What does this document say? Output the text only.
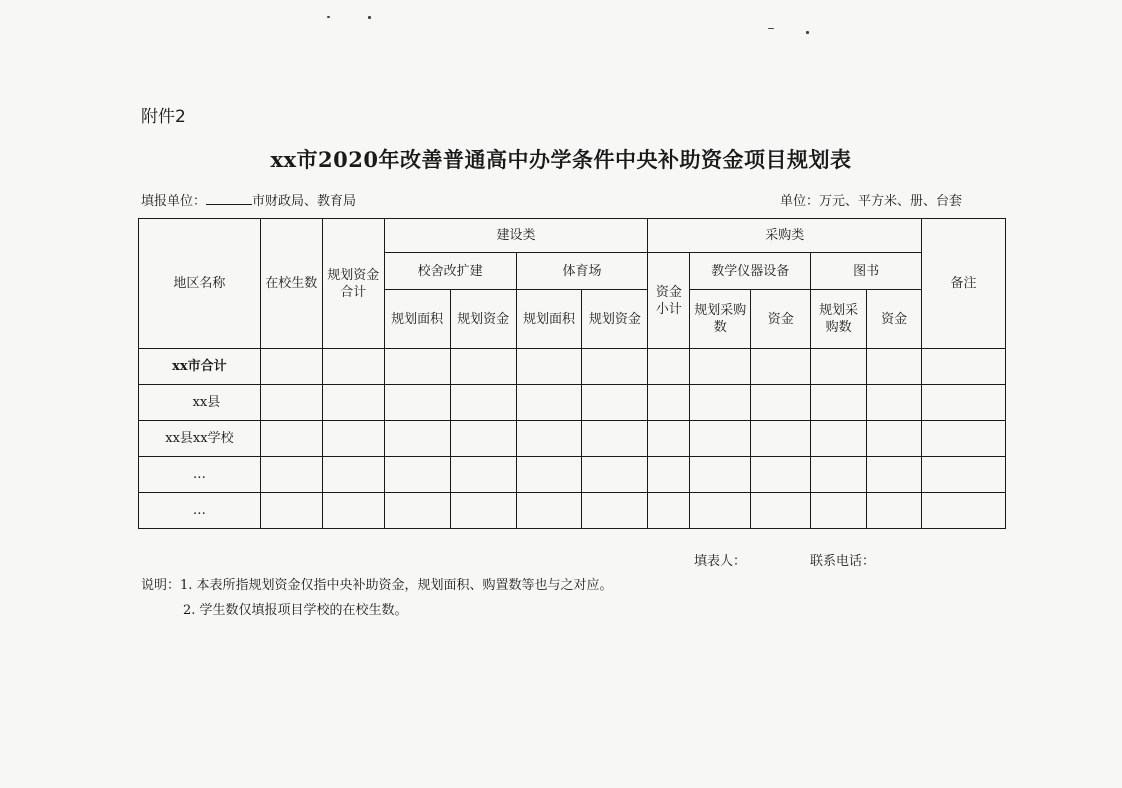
附件2
xx市2020年改善普通高中办学条件中央补助资金项目规划表
填报单位：	市财政局、教育局	单位：万元、平方米、册、台套
地区名称	在校生数	规划资金合计	建设类				采购类					备注
			校舍改扩建		体育场		资金小计	教学仪器设备		图书		
			规划面积	规划资金	规划面积	规划资金		规划采购数	资金	规划采购数	资金	
xx市合计												
xx县												
xx县xx学校												
…												
…												
填表人：	联系电话：
说明：1. 本表所指规划资金仅指中央补助资金，规划面积、购置数等也与之对应。
2. 学生数仅填报项目学校的在校生数。
